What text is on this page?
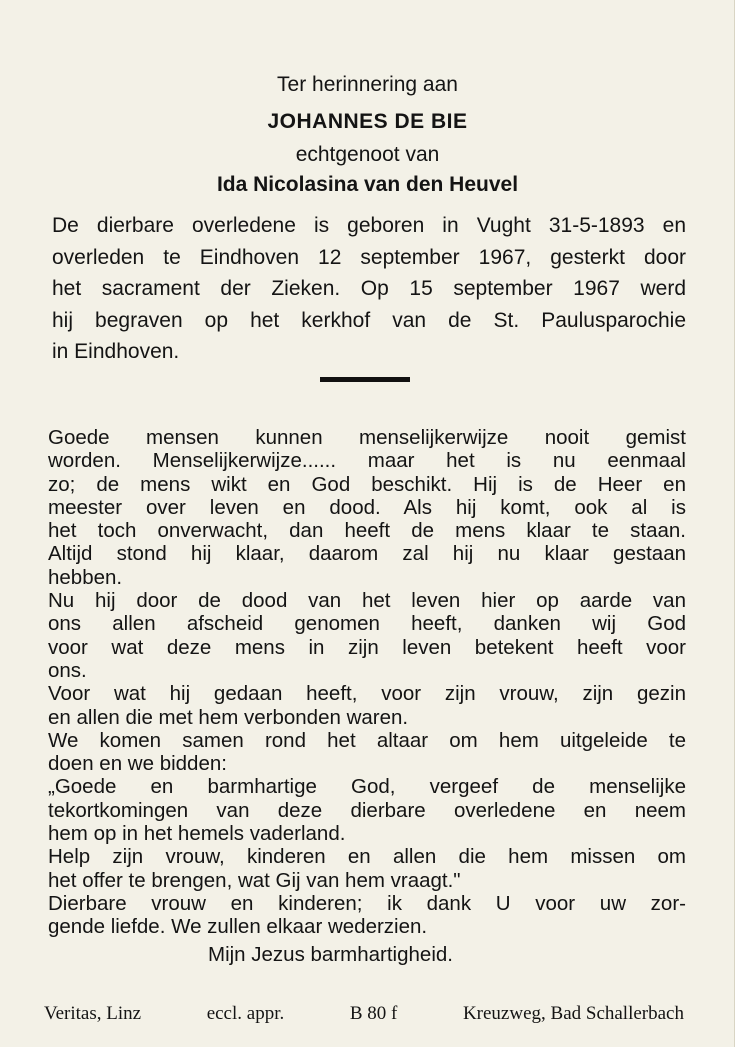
Ter herinnering aan
JOHANNES DE BIE
echtgenoot van
Ida Nicolasina van den Heuvel

De dierbare overledene is geboren in Vught 31-5-1893 en

overleden te Eindhoven 12 september 1967, gesterkt door

het sacrament der Zieken. Op 15 september 1967 werd

hij begraven op het kerkhof van de St. Paulusparochie

in Eindhoven.

Goede mensen kunnen menselijkerwijze nooit gemist

worden. Menselijkerwijze...... maar het is nu eenmaal

zo; de mens wikt en God beschikt. Hij is de Heer en

meester over leven en dood. Als hij komt, ook al is

het toch onverwacht, dan heeft de mens klaar te staan.

Altijd stond hij klaar, daarom zal hij nu klaar gestaan

hebben.

Nu hij door de dood van het leven hier op aarde van

ons allen afscheid genomen heeft, danken wij God

voor wat deze mens in zijn leven betekent heeft voor

ons.

Voor wat hij gedaan heeft, voor zijn vrouw, zijn gezin

en allen die met hem verbonden waren.

We komen samen rond het altaar om hem uitgeleide te

doen en we bidden:

„Goede en barmhartige God, vergeef de menselijke

tekortkomingen van deze dierbare overledene en neem

hem op in het hemels vaderland.

Help zijn vrouw, kinderen en allen die hem missen om

het offer te brengen, wat Gij van hem vraagt."

Dierbare vrouw en kinderen; ik dank U voor uw zor-

gende liefde. We zullen elkaar wederzien.

Mijn Jezus barmhartigheid.

Veritas, Linz	eccl. appr.	B 80 f	Kreuzweg, Bad Schallerbach
